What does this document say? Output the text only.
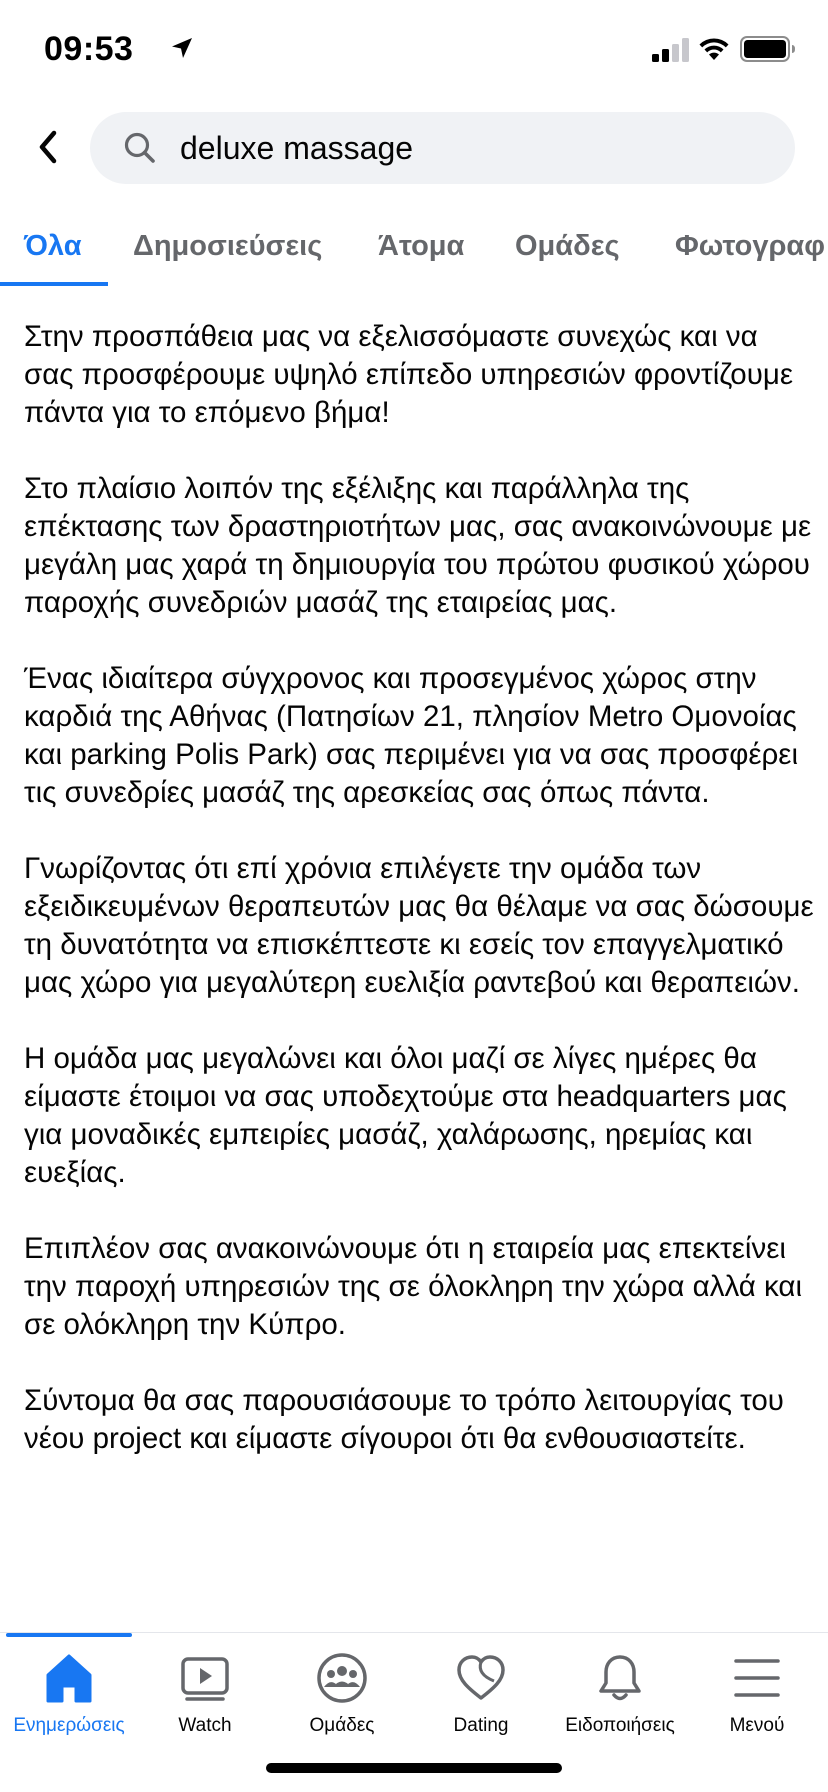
09:53
deluxe massage
Όλα Δημοσιεύσεις Άτομα Ομάδες Φωτογραφ

Στην προσπάθεια μας να εξελισσόμαστε συνεχώς και να σας προσφέρουμε υψηλό επίπεδο υπηρεσιών φροντίζουμε πάντα για το επόμενο βήμα!

Στο πλαίσιο λοιπόν της εξέλιξης και παράλληλα της επέκτασης των δραστηριοτήτων μας, σας ανακοινώνουμε με μεγάλη μας χαρά τη δημιουργία του πρώτου φυσικού χώρου παροχής συνεδριών μασάζ της εταιρείας μας.

Ένας ιδιαίτερα σύγχρονος και προσεγμένος χώρος στην καρδιά της Αθήνας (Πατησίων 21, πλησίον Metro Ομονοίας και parking Polis Park) σας περιμένει για να σας προσφέρει τις συνεδρίες μασάζ της αρεσκείας σας όπως πάντα.

Γνωρίζοντας ότι επί χρόνια επιλέγετε την ομάδα των εξειδικευμένων θεραπευτών μας θα θέλαμε να σας δώσουμε τη δυνατότητα να επισκέπτεστε κι εσείς τον επαγγελματικό μας χώρο για μεγαλύτερη ευελιξία ραντεβού και θεραπειών.

Η ομάδα μας μεγαλώνει και όλοι μαζί σε λίγες ημέρες θα είμαστε έτοιμοι να σας υποδεχτούμε στα headquarters μας για μοναδικές εμπειρίες μασάζ, χαλάρωσης, ηρεμίας και ευεξίας.

Επιπλέον σας ανακοινώνουμε ότι η εταιρεία μας επεκτείνει την παροχή υπηρεσιών της σε όλοκληρη την χώρα αλλά και σε ολόκληρη την Κύπρο.

Σύντομα θα σας παρουσιάσουμε το τρόπο λειτουργίας του νέου project και είμαστε σίγουροι ότι θα ενθουσιαστείτε.

Ενημερώσεις	Watch	Ομάδες	Dating	Ειδοποιήσεις	Μενού
